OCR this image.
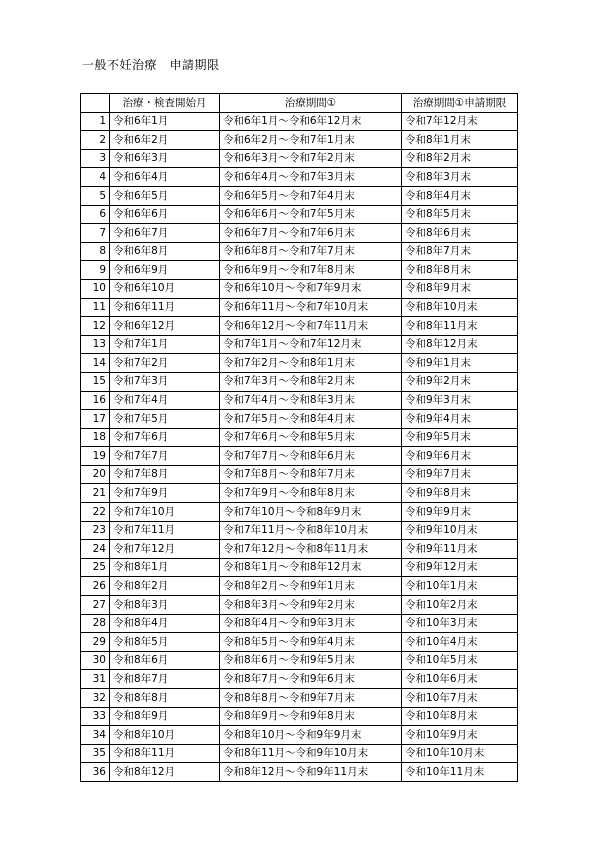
一般不妊治療　申請期限
	治療・検査開始月	治療期間①	治療期間①申請期限
1	令和6年1月	令和6年1月～令和6年12月末	令和7年12月末
2	令和6年2月	令和6年2月～令和7年1月末	令和8年1月末
3	令和6年3月	令和6年3月～令和7年2月末	令和8年2月末
4	令和6年4月	令和6年4月～令和7年3月末	令和8年3月末
5	令和6年5月	令和6年5月～令和7年4月末	令和8年4月末
6	令和6年6月	令和6年6月～令和7年5月末	令和8年5月末
7	令和6年7月	令和6年7月～令和7年6月末	令和8年6月末
8	令和6年8月	令和6年8月～令和7年7月末	令和8年7月末
9	令和6年9月	令和6年9月～令和7年8月末	令和8年8月末
10	令和6年10月	令和6年10月～令和7年9月末	令和8年9月末
11	令和6年11月	令和6年11月～令和7年10月末	令和8年10月末
12	令和6年12月	令和6年12月～令和7年11月末	令和8年11月末
13	令和7年1月	令和7年1月～令和7年12月末	令和8年12月末
14	令和7年2月	令和7年2月～令和8年1月末	令和9年1月末
15	令和7年3月	令和7年3月～令和8年2月末	令和9年2月末
16	令和7年4月	令和7年4月～令和8年3月末	令和9年3月末
17	令和7年5月	令和7年5月～令和8年4月末	令和9年4月末
18	令和7年6月	令和7年6月～令和8年5月末	令和9年5月末
19	令和7年7月	令和7年7月～令和8年6月末	令和9年6月末
20	令和7年8月	令和7年8月～令和8年7月末	令和9年7月末
21	令和7年9月	令和7年9月～令和8年8月末	令和9年8月末
22	令和7年10月	令和7年10月～令和8年9月末	令和9年9月末
23	令和7年11月	令和7年11月～令和8年10月末	令和9年10月末
24	令和7年12月	令和7年12月～令和8年11月末	令和9年11月末
25	令和8年1月	令和8年1月～令和8年12月末	令和9年12月末
26	令和8年2月	令和8年2月～令和9年1月末	令和10年1月末
27	令和8年3月	令和8年3月～令和9年2月末	令和10年2月末
28	令和8年4月	令和8年4月～令和9年3月末	令和10年3月末
29	令和8年5月	令和8年5月～令和9年4月末	令和10年4月末
30	令和8年6月	令和8年6月～令和9年5月末	令和10年5月末
31	令和8年7月	令和8年7月～令和9年6月末	令和10年6月末
32	令和8年8月	令和8年8月～令和9年7月末	令和10年7月末
33	令和8年9月	令和8年9月～令和9年8月末	令和10年8月末
34	令和8年10月	令和8年10月～令和9年9月末	令和10年9月末
35	令和8年11月	令和8年11月～令和9年10月末	令和10年10月末
36	令和8年12月	令和8年12月～令和9年11月末	令和10年11月末
